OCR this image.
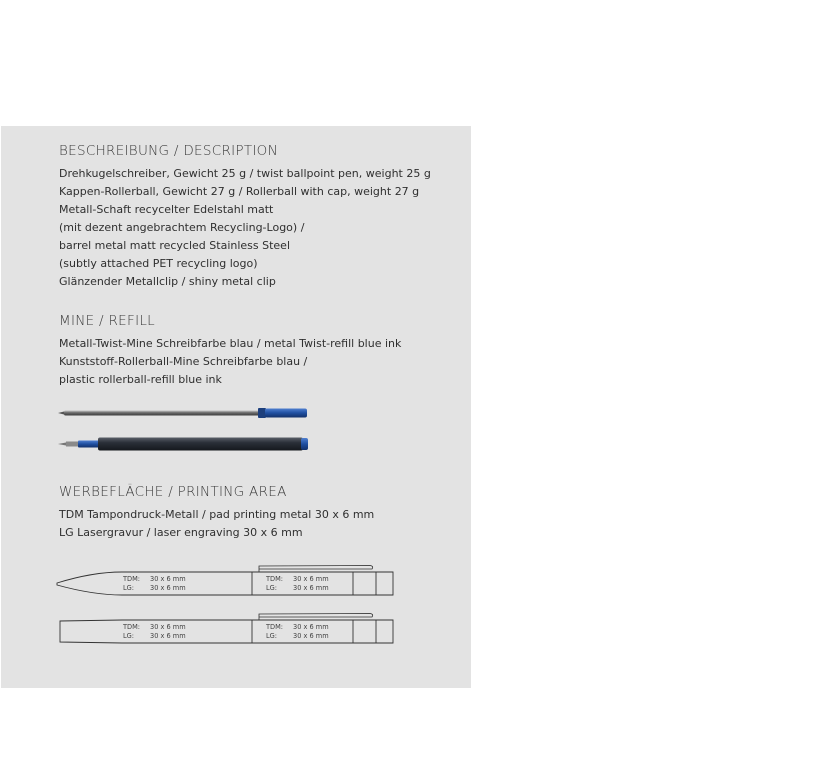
BESCHREIBUNG / DESCRIPTION
Drehkugelschreiber, Gewicht 25 g / twist ballpoint pen, weight 25 g
Kappen-Rollerball, Gewicht 27 g / Rollerball with cap, weight 27 g
Metall-Schaft recycelter Edelstahl matt
(mit dezent angebrachtem Recycling-Logo) /
barrel metal matt recycled Stainless Steel
(subtly attached PET recycling logo)
Glänzender Metallclip / shiny metal clip
MINE / REFILL
Metall-Twist-Mine Schreibfarbe blau / metal Twist-refill blue ink
Kunststoff-Rollerball-Mine Schreibfarbe blau /
plastic rollerball-refill blue ink
WERBEFLÄCHE / PRINTING AREA
TDM Tampondruck-Metall / pad printing metal 30 x 6 mm
LG Lasergravur / laser engraving 30 x 6 mm
TDM: 30 x 6 mm
LG: 30 x 6 mm
TDM: 30 x 6 mm
LG: 30 x 6 mm
TDM: 30 x 6 mm
LG: 30 x 6 mm
TDM: 30 x 6 mm
LG: 30 x 6 mm
